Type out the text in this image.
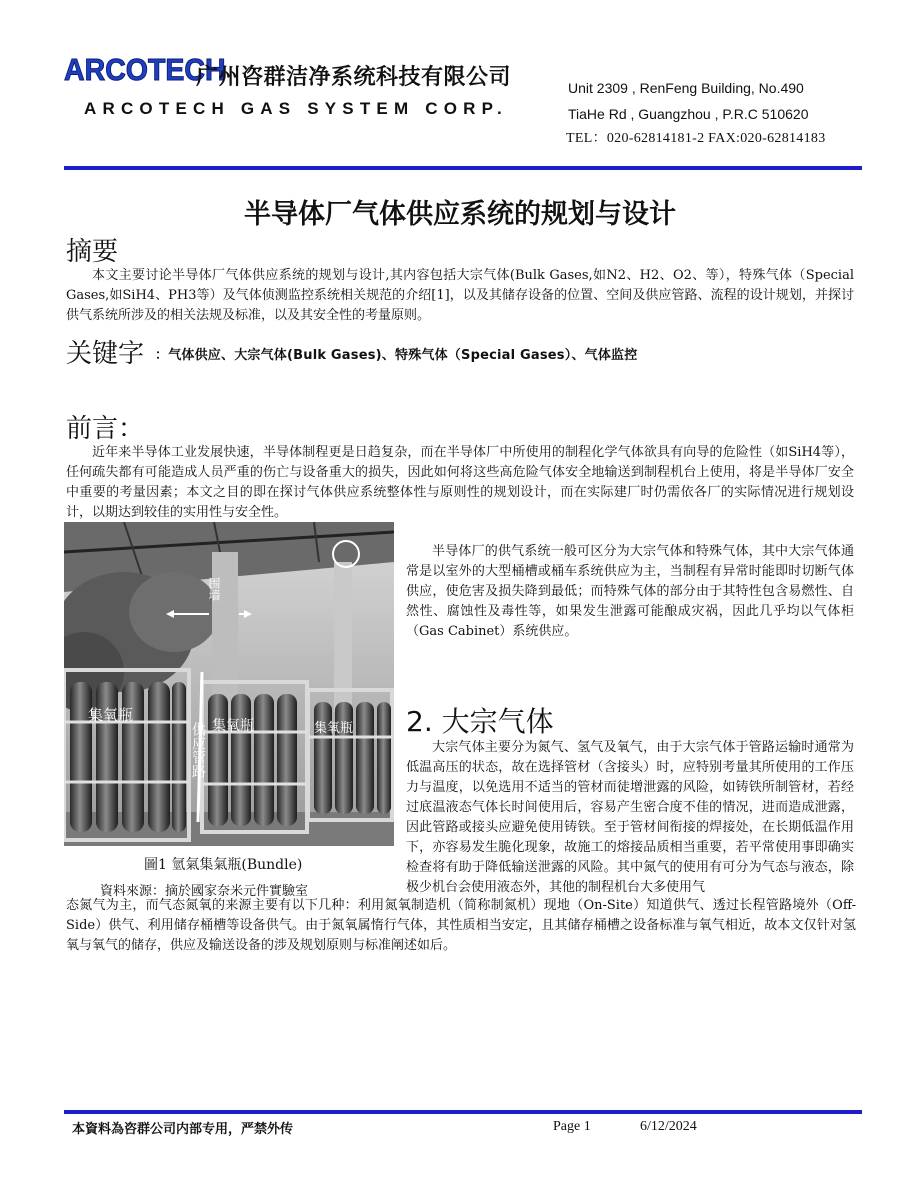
ARCOTECH
广州咨群洁净系统科技有限公司
ARCOTECH GAS SYSTEM CORP.
Unit 2309 , RenFeng Building, No.490
TiaHe Rd , Guangzhou , P.R.C 510620
TEL：020-62814181-2 FAX:020-62814183
半导体厂气体供应系统的规划与设计
摘要
本文主要讨论半导体厂气体供应系统的规划与设计,其内容包括大宗气体(Bulk Gases,如N2、H2、O2、等），特殊气体（Special Gases,如SiH4、PH3等）及气体侦测监控系统相关规范的介绍[1]，以及其储存设备的位置、空间及供应管路、流程的设计规划，并探讨供气系统所涉及的相关法规及标准，以及其安全性的考量原则。
关键字 ：气体供应、大宗气体(Bulk Gases)、特殊气体（Special Gases）、气体监控
前言：
近年来半导体工业发展快速，半导体制程更是日趋复杂，而在半导体厂中所使用的制程化学气体欲具有向导的危险性（如SiH4等），任何疏失都有可能造成人员严重的伤亡与设备重大的损失，因此如何将这些高危险气体安全地输送到制程机台上使用，将是半导体厂安全中重要的考量因素；本文之目的即在探讨气体供应系统整体性与原则性的规划设计，而在实际建厂时仍需依各厂的实际情况进行规划设计，以期达到较佳的实用性与安全性。
集氧瓶
集氧瓶	集氧瓶
围墙
供应管路
圖1 氫氣集氣瓶(Bundle)
資料來源：摘於國家奈米元件實驗室
半导体厂的供气系统一般可区分为大宗气体和特殊气体，其中大宗气体通常是以室外的大型桶槽或桶车系统供应为主，当制程有异常时能即时切断气体供应，使危害及损失降到最低；而特殊气体的部分由于其特性包含易燃性、自然性、腐蚀性及毒性等，如果发生泄露可能酿成灾祸，因此几乎均以气体柜（Gas Cabinet）系统供应。
2. 大宗气体
大宗气体主要分为氮气、氢气及氧气，由于大宗气体于管路运输时通常为低温高压的状态，故在选择管材（含接头）时，应特别考量其所使用的工作压力与温度，以免选用不适当的管材而徒增泄露的风险，如铸铁所制管材，若经过底温液态气体长时间使用后，容易产生密合度不佳的情况，进而造成泄露，因此管路或接头应避免使用铸铁。至于管材间衔接的焊接处，在长期低温作用下，亦容易发生脆化现象，故施工的熔接品质相当重要，若平常使用事即确实检查将有助于降低输送泄露的风险。其中氮气的使用有可分为气态与液态，除极少机台会使用液态外，其他的制程机台大多使用气
态氮气为主，而气态氮氧的来源主要有以下几种：利用氮氧制造机（简称制氮机）现地（On-Site）知道供气、透过长程管路境外（Off-Side）供气、利用储存桶槽等设备供气。由于氮氧属惰行气体，其性质相当安定，且其储存桶槽之设备标准与氧气相近，故本文仅针对氢氧与氧气的储存，供应及输送设备的涉及规划原则与标准阐述如后。
本資料為咨群公司内部专用，严禁外传	Page 1	6/12/2024
